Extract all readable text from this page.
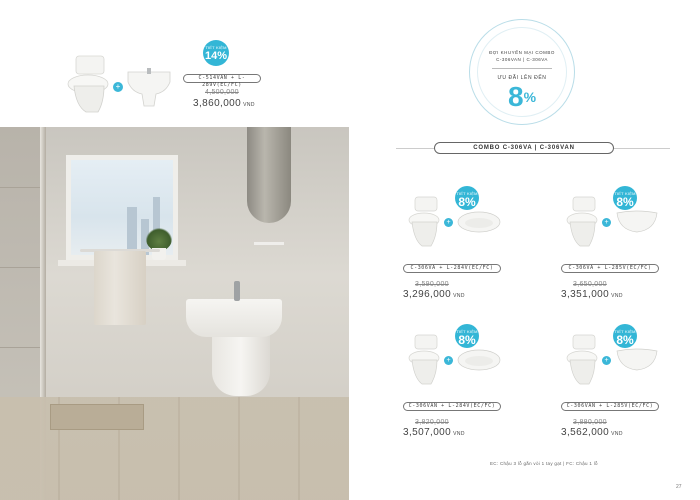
+
TIẾT KIỆM
14%
C-514VAN + L-289V(EC/FC)
4,500,000
3,860,000 VND
ĐỢI KHUYẾN MẠI COMBO
C-306VAN | C-306VA
ƯU ĐÃI LÊN ĐẾN
8%
COMBO C-306VA | C-306VAN
+
TIẾT KIỆM
8%
C-306VA + L-284V(EC/FC)
3,590,000
3,296,000 VND
+
TIẾT KIỆM
8%
C-306VA + L-285V(EC/FC)
3,650,000
3,351,000 VND
+
TIẾT KIỆM
8%
C-306VAN + L-284V(EC/FC)
3,820,000
3,507,000 VND
+
TIẾT KIỆM
8%
C-306VAN + L-285V(EC/FC)
3,880,000
3,562,000 VND
EC: Chậu 3 lỗ gắn vòi 1 tay gạt | FC: Chậu 1 lỗ
27
